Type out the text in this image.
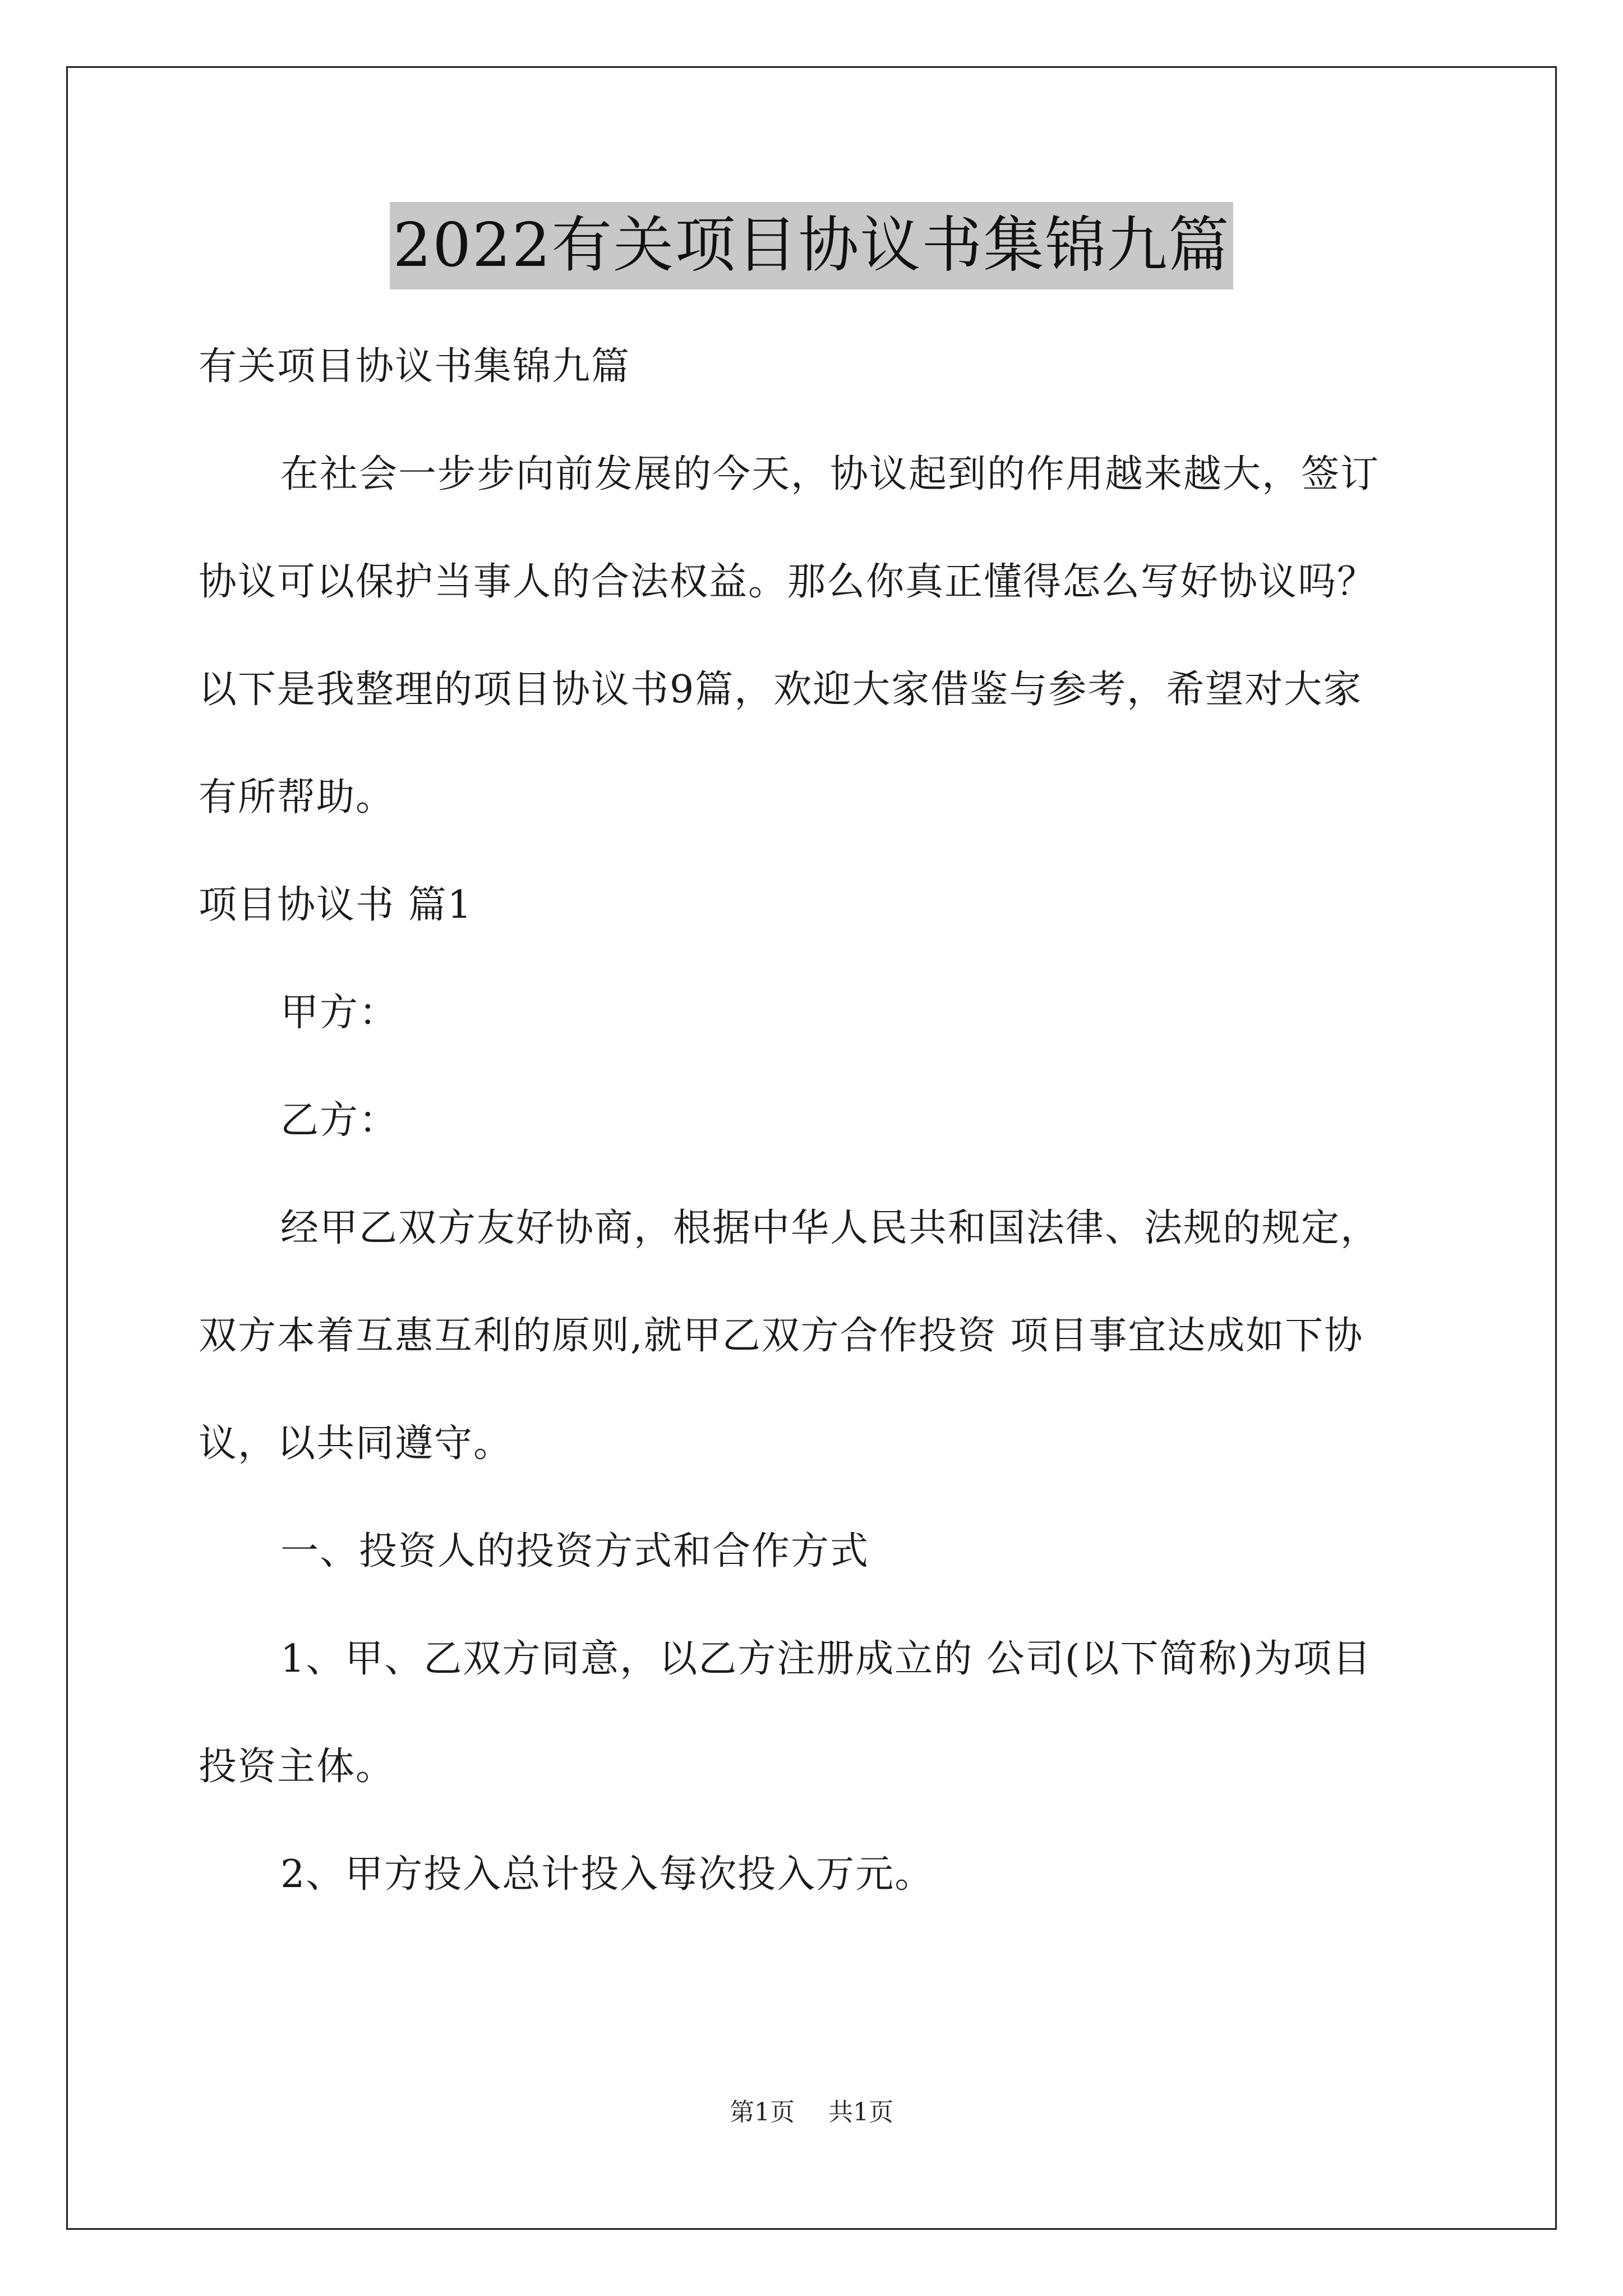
2022有关项目协议书集锦九篇
有关项目协议书集锦九篇
在社会一步步向前发展的今天，协议起到的作用越来越大，签订
协议可以保护当事人的合法权益。那么你真正懂得怎么写好协议吗？
以下是我整理的项目协议书9篇，欢迎大家借鉴与参考，希望对大家
有所帮助。
项目协议书 篇1
甲方：
乙方：
经甲乙双方友好协商，根据中华人民共和国法律、法规的规定，
双方本着互惠互利的原则,就甲乙双方合作投资 项目事宜达成如下协
议，以共同遵守。
一、投资人的投资方式和合作方式
1、甲、乙双方同意，以乙方注册成立的 公司(以下简称)为项目
投资主体。
2、甲方投入总计投入每次投入万元。
第1页 共1页
